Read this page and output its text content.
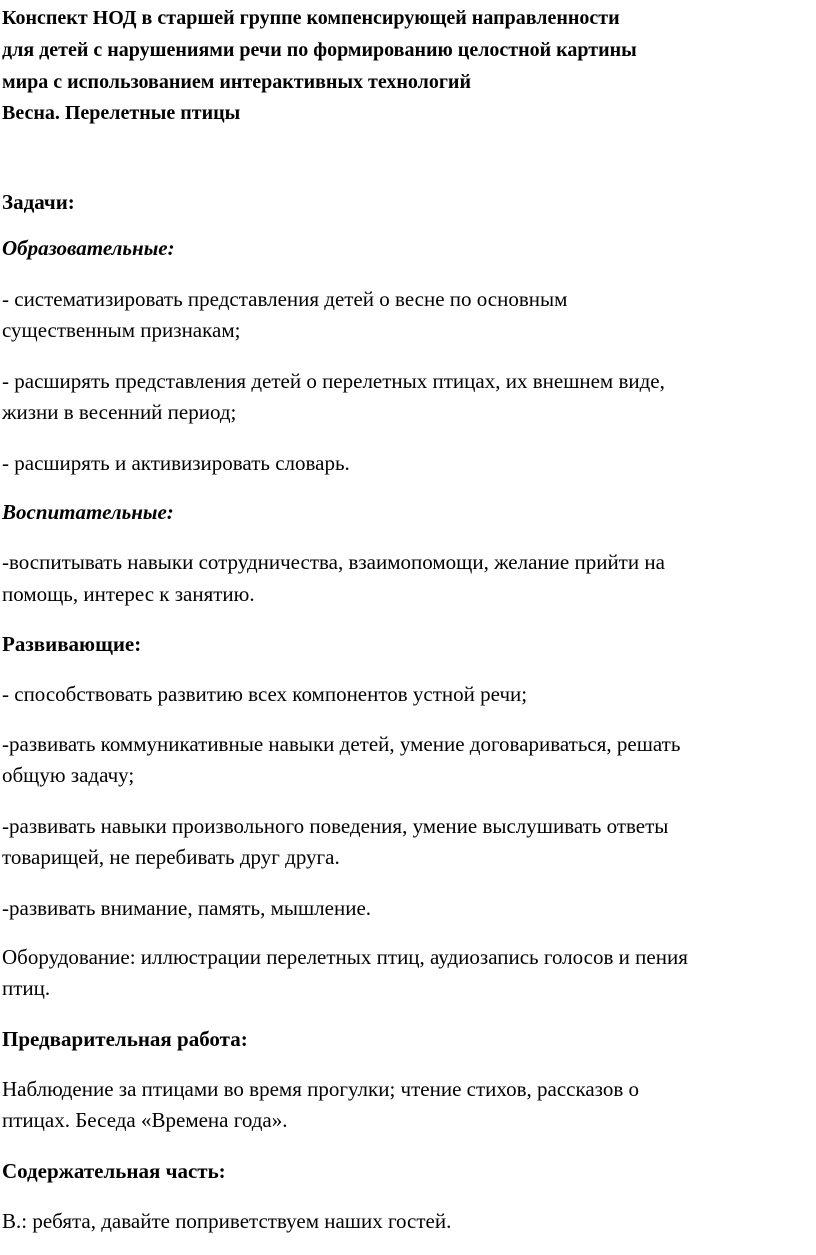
Конспект НОД в старшей группе компенсирующей направленности
для детей с нарушениями речи по формированию целостной картины
мира с использованием интерактивных технологий
Весна. Перелетные птицы
Задачи:
Образовательные:
- систематизировать представления детей о весне по основным
существенным признакам;
- расширять представления детей о перелетных птицах, их внешнем виде,
жизни в весенний период;
- расширять и активизировать словарь.
Воспитательные:
-воспитывать навыки сотрудничества, взаимопомощи, желание прийти на
помощь, интерес к занятию.
Развивающие:
- способствовать развитию всех компонентов устной речи;
-развивать коммуникативные навыки детей, умение договариваться, решать
общую задачу;
-развивать навыки произвольного поведения, умение выслушивать ответы
товарищей, не перебивать друг друга.
-развивать внимание, память, мышление.
Оборудование: иллюстрации перелетных птиц, аудиозапись голосов и пения
птиц.
Предварительная работа:
Наблюдение за птицами во время прогулки; чтение стихов, рассказов о
птицах. Беседа «Времена года».
Содержательная часть:
В.: ребята, давайте поприветствуем наших гостей.
